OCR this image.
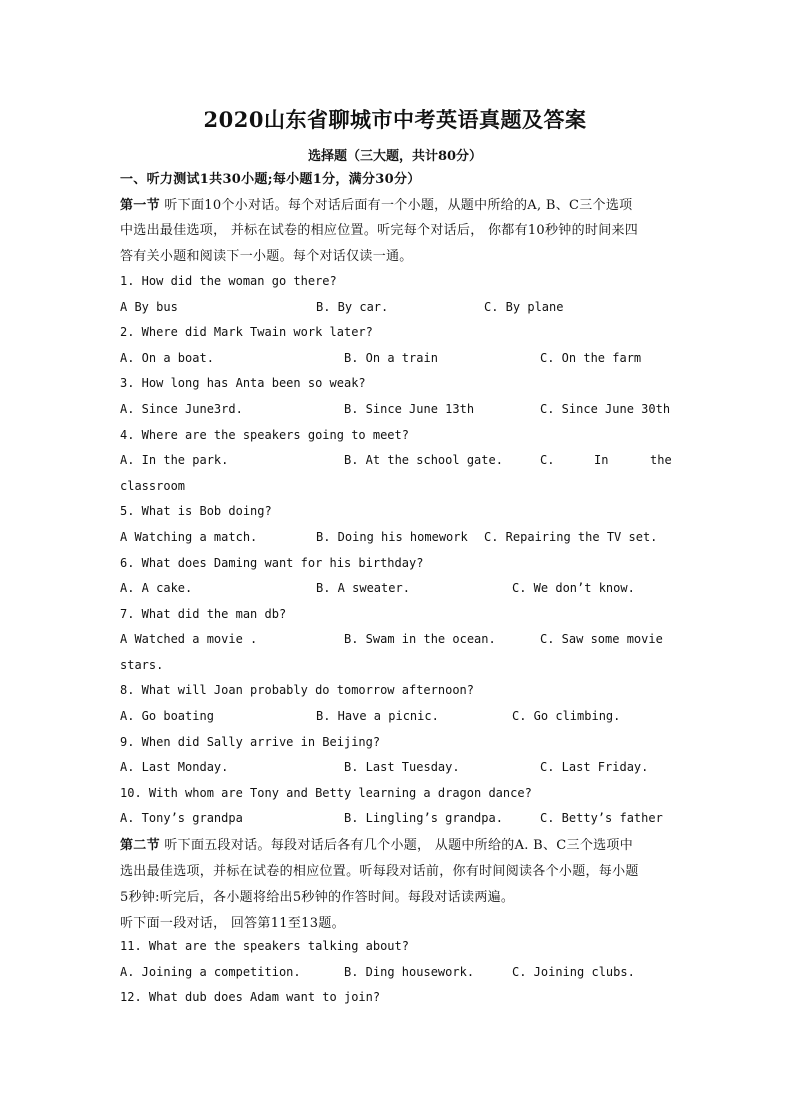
2020山东省聊城市中考英语真题及答案
选择题（三大题，共计80分）
一、听力测试1共30小题;每小题1分，满分30分）
第一节 听下面10个小对话。每个对话后面有一个小题，从题中所给的A, B、C三个选项
中选出最佳选项， 并标在试卷的相应位置。听完每个对话后， 你都有10秒钟的时间来四
答有关小题和阅读下一小题。每个对话仅读一通。
1. How did the woman go there?
A By bus	B. By car.	C. By plane
2. Where did Mark Twain work later?
A. On a boat.	B. On a train	C. On the farm
3. How long has Anta been so weak?
A. Since June3rd.	B. Since June 13th	C. Since June 30th
4. Where are the speakers going to meet?
A. In the park.	B. At the school gate.	C.	In	the
classroom
5. What is Bob doing?
A Watching a match.	B. Doing his homework C. Repairing the TV set.
6. What does Daming want for his birthday?
A. A cake.	B. A sweater.	C. We don’t know.
7. What did the man db?
A Watched a movie .	B. Swam in the ocean.	C. Saw some movie
stars.
8. What will Joan probably do tomorrow afternoon?
A. Go boating	B. Have a picnic.	C. Go climbing.
9. When did Sally arrive in Beijing?
A. Last Monday.	B. Last Tuesday.	C. Last Friday.
10. With whom are Tony and Betty learning a dragon dance?
A. Tony’s grandpa	B. Lingling’s grandpa.	C. Betty’s father
第二节 听下面五段对话。每段对话后各有几个小题， 从题中所给的A. B、C三个选项中
选出最佳选项，并标在试卷的相应位置。听每段对话前，你有时间阅读各个小题，每小题
5秒钟:听完后，各小题将给出5秒钟的作答时间。每段对话读两遍。
听下面一段对话， 回答第11至13题。
11. What are the speakers talking about?
A. Joining a competition.	B. Ding housework.	C. Joining clubs.
12. What dub does Adam want to join?
